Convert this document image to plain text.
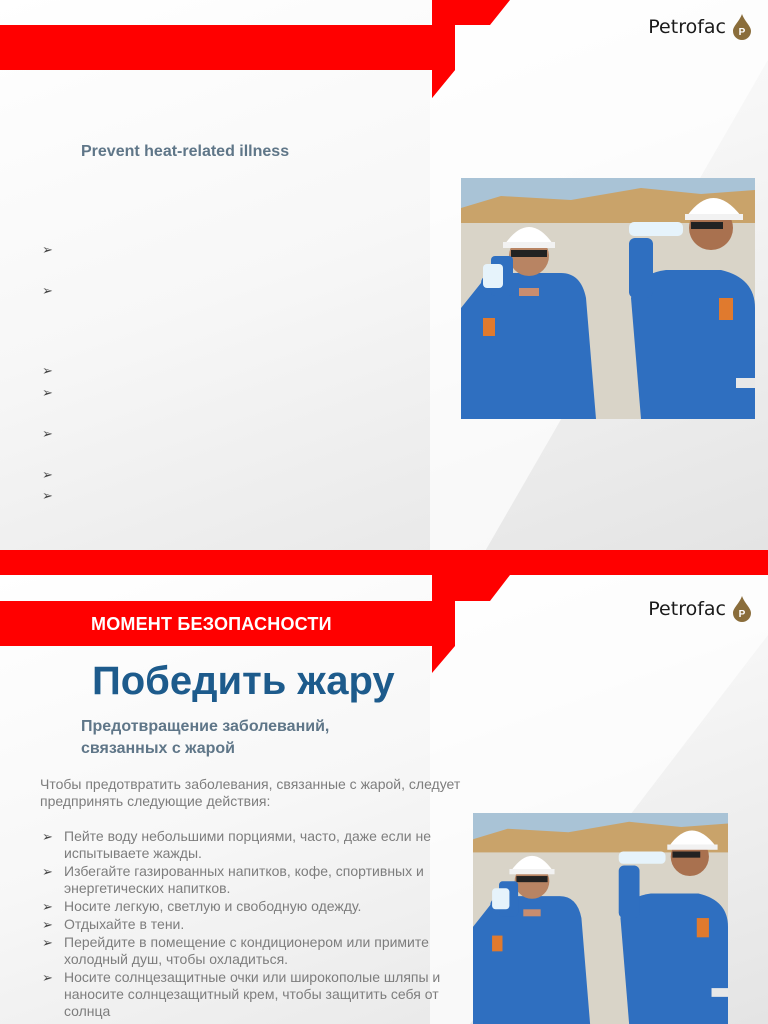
Petrofac P

Prevent heat-related illness

➢
➢
➢
➢
➢
➢
➢
МОМЕНТ БЕЗОПАСНОСТИ
Petrofac P
Победить жару

Предотвращение заболеваний,

связанных с жарой

Чтобы предотвратить заболевания, связанные с жарой, следует предпринять следующие действия:

➢ Пейте воду небольшими порциями, часто, даже если не испытываете жажды.
➢ Избегайте газированных напитков, кофе, спортивных и энергетических напитков.
➢ Носите легкую, светлую и свободную одежду.
➢ Отдыхайте в тени.
➢ Перейдите в помещение с кондиционером или примите холодный душ, чтобы охладиться.
➢ Носите солнцезащитные очки или широкополые шляпы и наносите солнцезащитный крем, чтобы защитить себя от солнца
